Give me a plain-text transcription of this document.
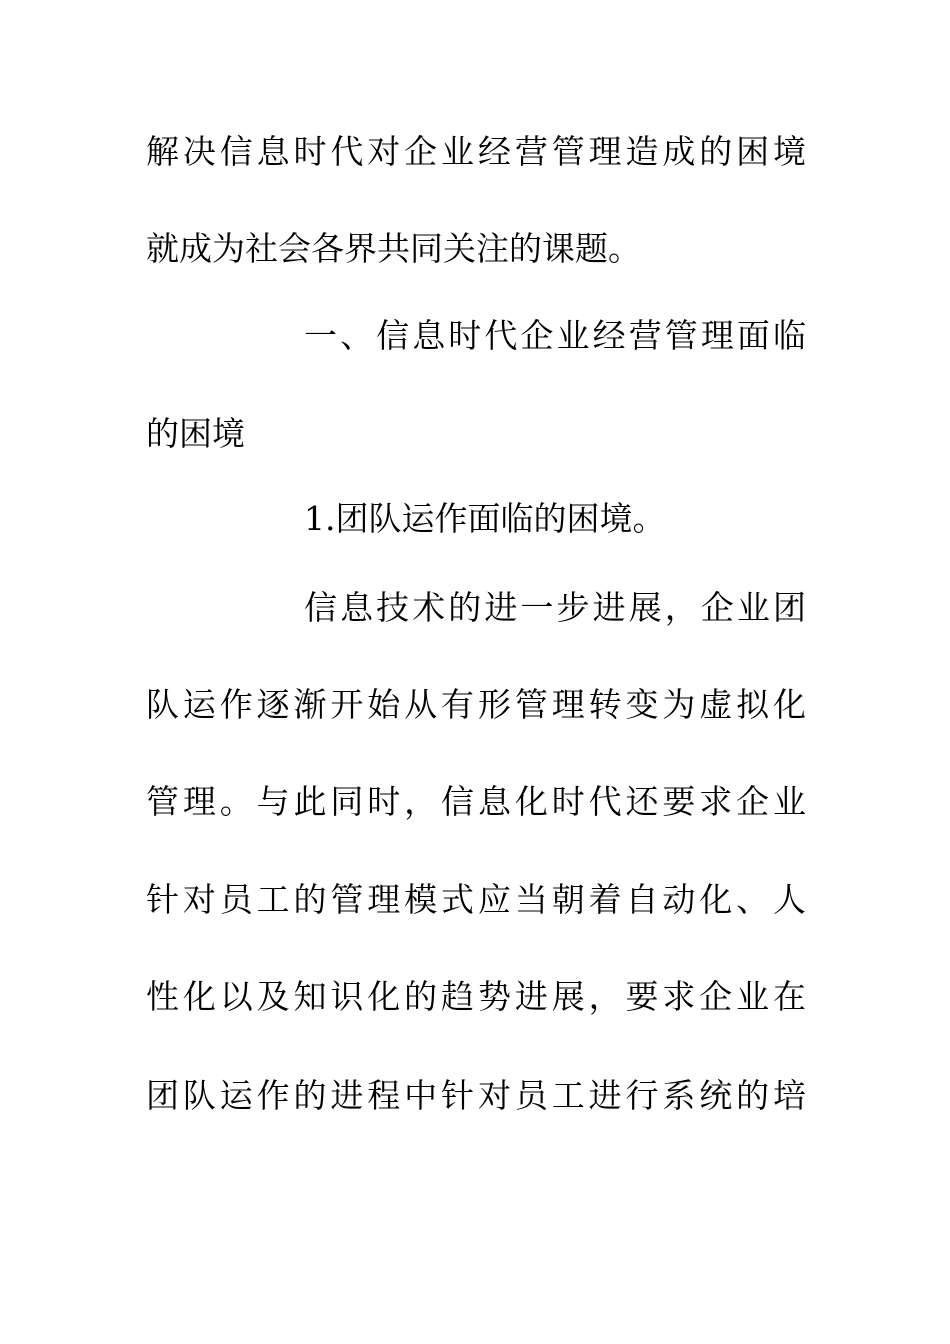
解决信息时代对企业经营管理造成的困境
就成为社会各界共同关注的课题。
一、信息时代企业经营管理面临
的困境
1.团队运作面临的困境。
信息技术的进一步进展，企业团
队运作逐渐开始从有形管理转变为虚拟化
管理。与此同时，信息化时代还要求企业
针对员工的管理模式应当朝着自动化、人
性化以及知识化的趋势进展，要求企业在
团队运作的进程中针对员工进行系统的培
